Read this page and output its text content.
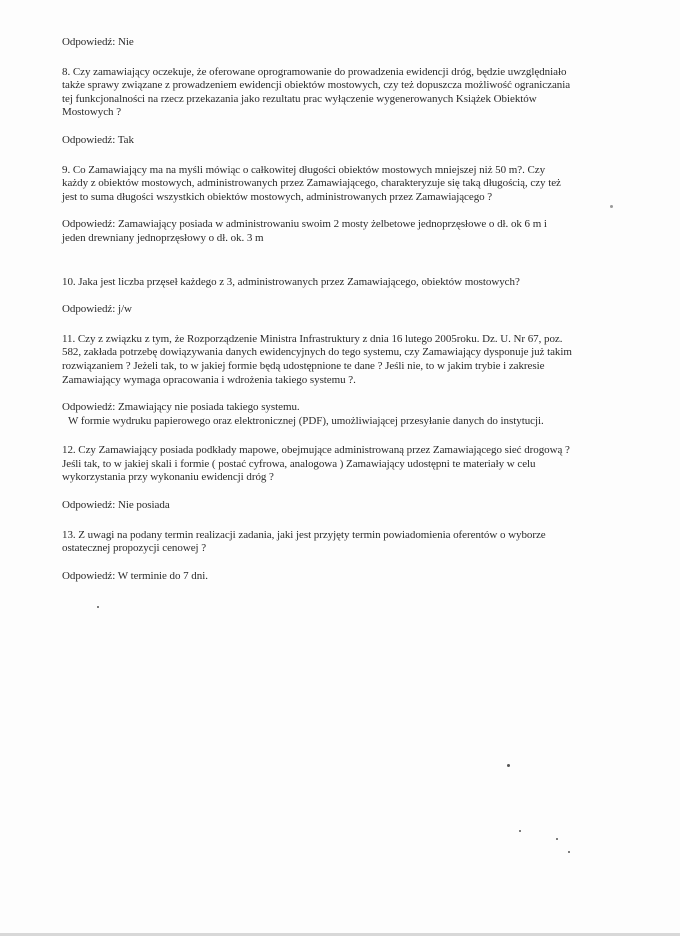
Odpowiedź: Nie

8. Czy zamawiający oczekuje, że oferowane oprogramowanie do prowadzenia ewidencji dróg, będzie uwzględniało

także sprawy związane z prowadzeniem ewidencji obiektów mostowych, czy też dopuszcza możliwość ograniczania

tej funkcjonalności na rzecz przekazania jako rezultatu prac wyłączenie wygenerowanych Książek Obiektów

Mostowych ?

Odpowiedź: Tak

9. Co Zamawiający ma na myśli mówiąc o całkowitej długości obiektów mostowych mniejszej niż 50 m?. Czy

każdy z obiektów mostowych, administrowanych przez Zamawiającego, charakteryzuje się taką długością, czy też

jest to suma długości wszystkich obiektów mostowych, administrowanych przez Zamawiającego ?

Odpowiedź: Zamawiający posiada w administrowaniu swoim 2 mosty żelbetowe jednoprzęsłowe o dł. ok 6 m i

jeden drewniany jednoprzęsłowy o dł. ok. 3 m

10. Jaka jest liczba przęseł każdego z 3, administrowanych przez Zamawiającego, obiektów mostowych?

Odpowiedź: j/w

11. Czy z związku z tym, że Rozporządzenie Ministra Infrastruktury z dnia 16 lutego 2005roku. Dz. U. Nr 67, poz.

582, zakłada potrzebę dowiązywania danych ewidencyjnych do tego systemu, czy Zamawiający dysponuje już takim

rozwiązaniem ? Jeżeli tak, to w jakiej formie będą udostępnione te dane ? Jeśli nie, to w jakim trybie i zakresie

Zamawiający wymaga opracowania i wdrożenia takiego systemu ?.

Odpowiedź: Zmawiający nie posiada takiego systemu.

W formie wydruku papierowego oraz elektronicznej (PDF), umożliwiającej przesyłanie danych do instytucji.

12. Czy Zamawiający posiada podkłady mapowe, obejmujące administrowaną przez Zamawiającego sieć drogową ?

Jeśli tak, to w jakiej skali i formie ( postać cyfrowa, analogowa ) Zamawiający udostępni te materiały w celu

wykorzystania przy wykonaniu ewidencji dróg ?

Odpowiedź: Nie posiada

13. Z uwagi na podany termin realizacji zadania, jaki jest przyjęty termin powiadomienia oferentów o wyborze

ostatecznej propozycji cenowej ?

Odpowiedź: W terminie do 7 dni.
